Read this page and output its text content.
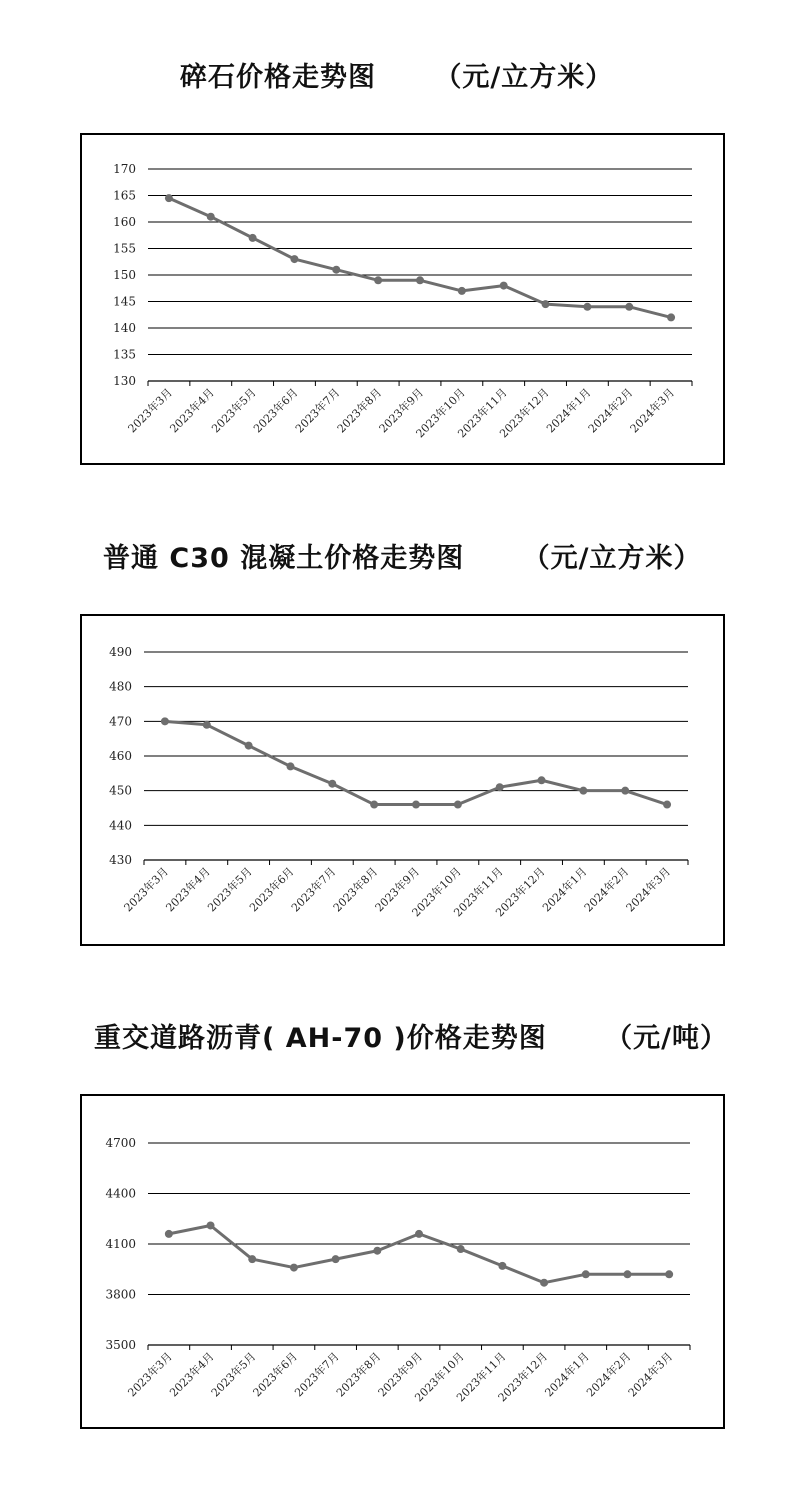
碎石价格走势图 （元/立方米）
130
135
140
145
150
155
160
165
170
2023年3月
2023年4月
2023年5月
2023年6月
2023年7月
2023年8月
2023年9月
2023年10月
2023年11月
2023年12月
2024年1月
2024年2月
2024年3月
普通 C30 混凝土价格走势图 （元/立方米）
430
440
450
460
470
480
490
2023年3月
2023年4月
2023年5月
2023年6月
2023年7月
2023年8月
2023年9月
2023年10月
2023年11月
2023年12月
2024年1月
2024年2月
2024年3月
重交道路沥青( AH-70 )价格走势图 （元/吨）
3500
3800
4100
4400
4700
2023年3月
2023年4月
2023年5月
2023年6月
2023年7月
2023年8月
2023年9月
2023年10月
2023年11月
2023年12月
2024年1月
2024年2月
2024年3月
